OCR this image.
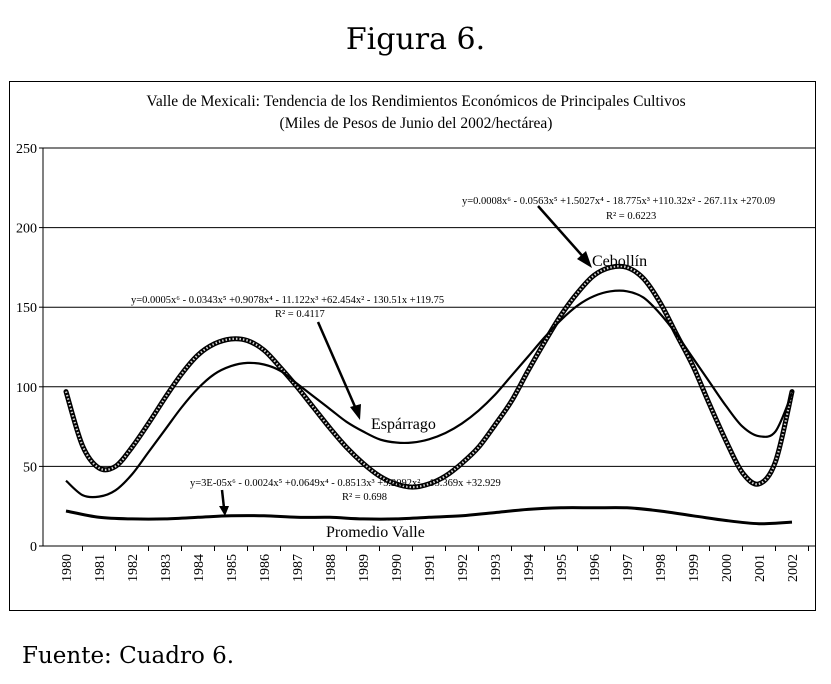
Figura 6.
Valle de Mexicali: Tendencia de los Rendimientos Económicos de Principales Cultivos
(Miles de Pesos de Junio del 2002/hectárea)
0
50
100
150
200
250
1980 1981 1982 1983 1984 1985 1986 1987 1988 1989 1990 1991 1992 1993 1994 1995 1996 1997 1998 1999 2000 2001 2002
y=0.0008x⁶ - 0.0563x⁵ +1.5027x⁴ - 18.775x³ +110.32x² - 267.11x +270.09
R² = 0.6223
Cebollín
y=0.0005x⁶ - 0.0343x⁵ +0.9078x⁴ - 11.122x³ +62.454x² - 130.51x +119.75
R² = 0.4117
Espárrago
y=3E-05x⁶ - 0.0024x⁵ +0.0649x⁴ - 0.8513x³ +5.2092x² - 15.369x +32.929
R² = 0.698
Promedio Valle
Fuente: Cuadro 6.
